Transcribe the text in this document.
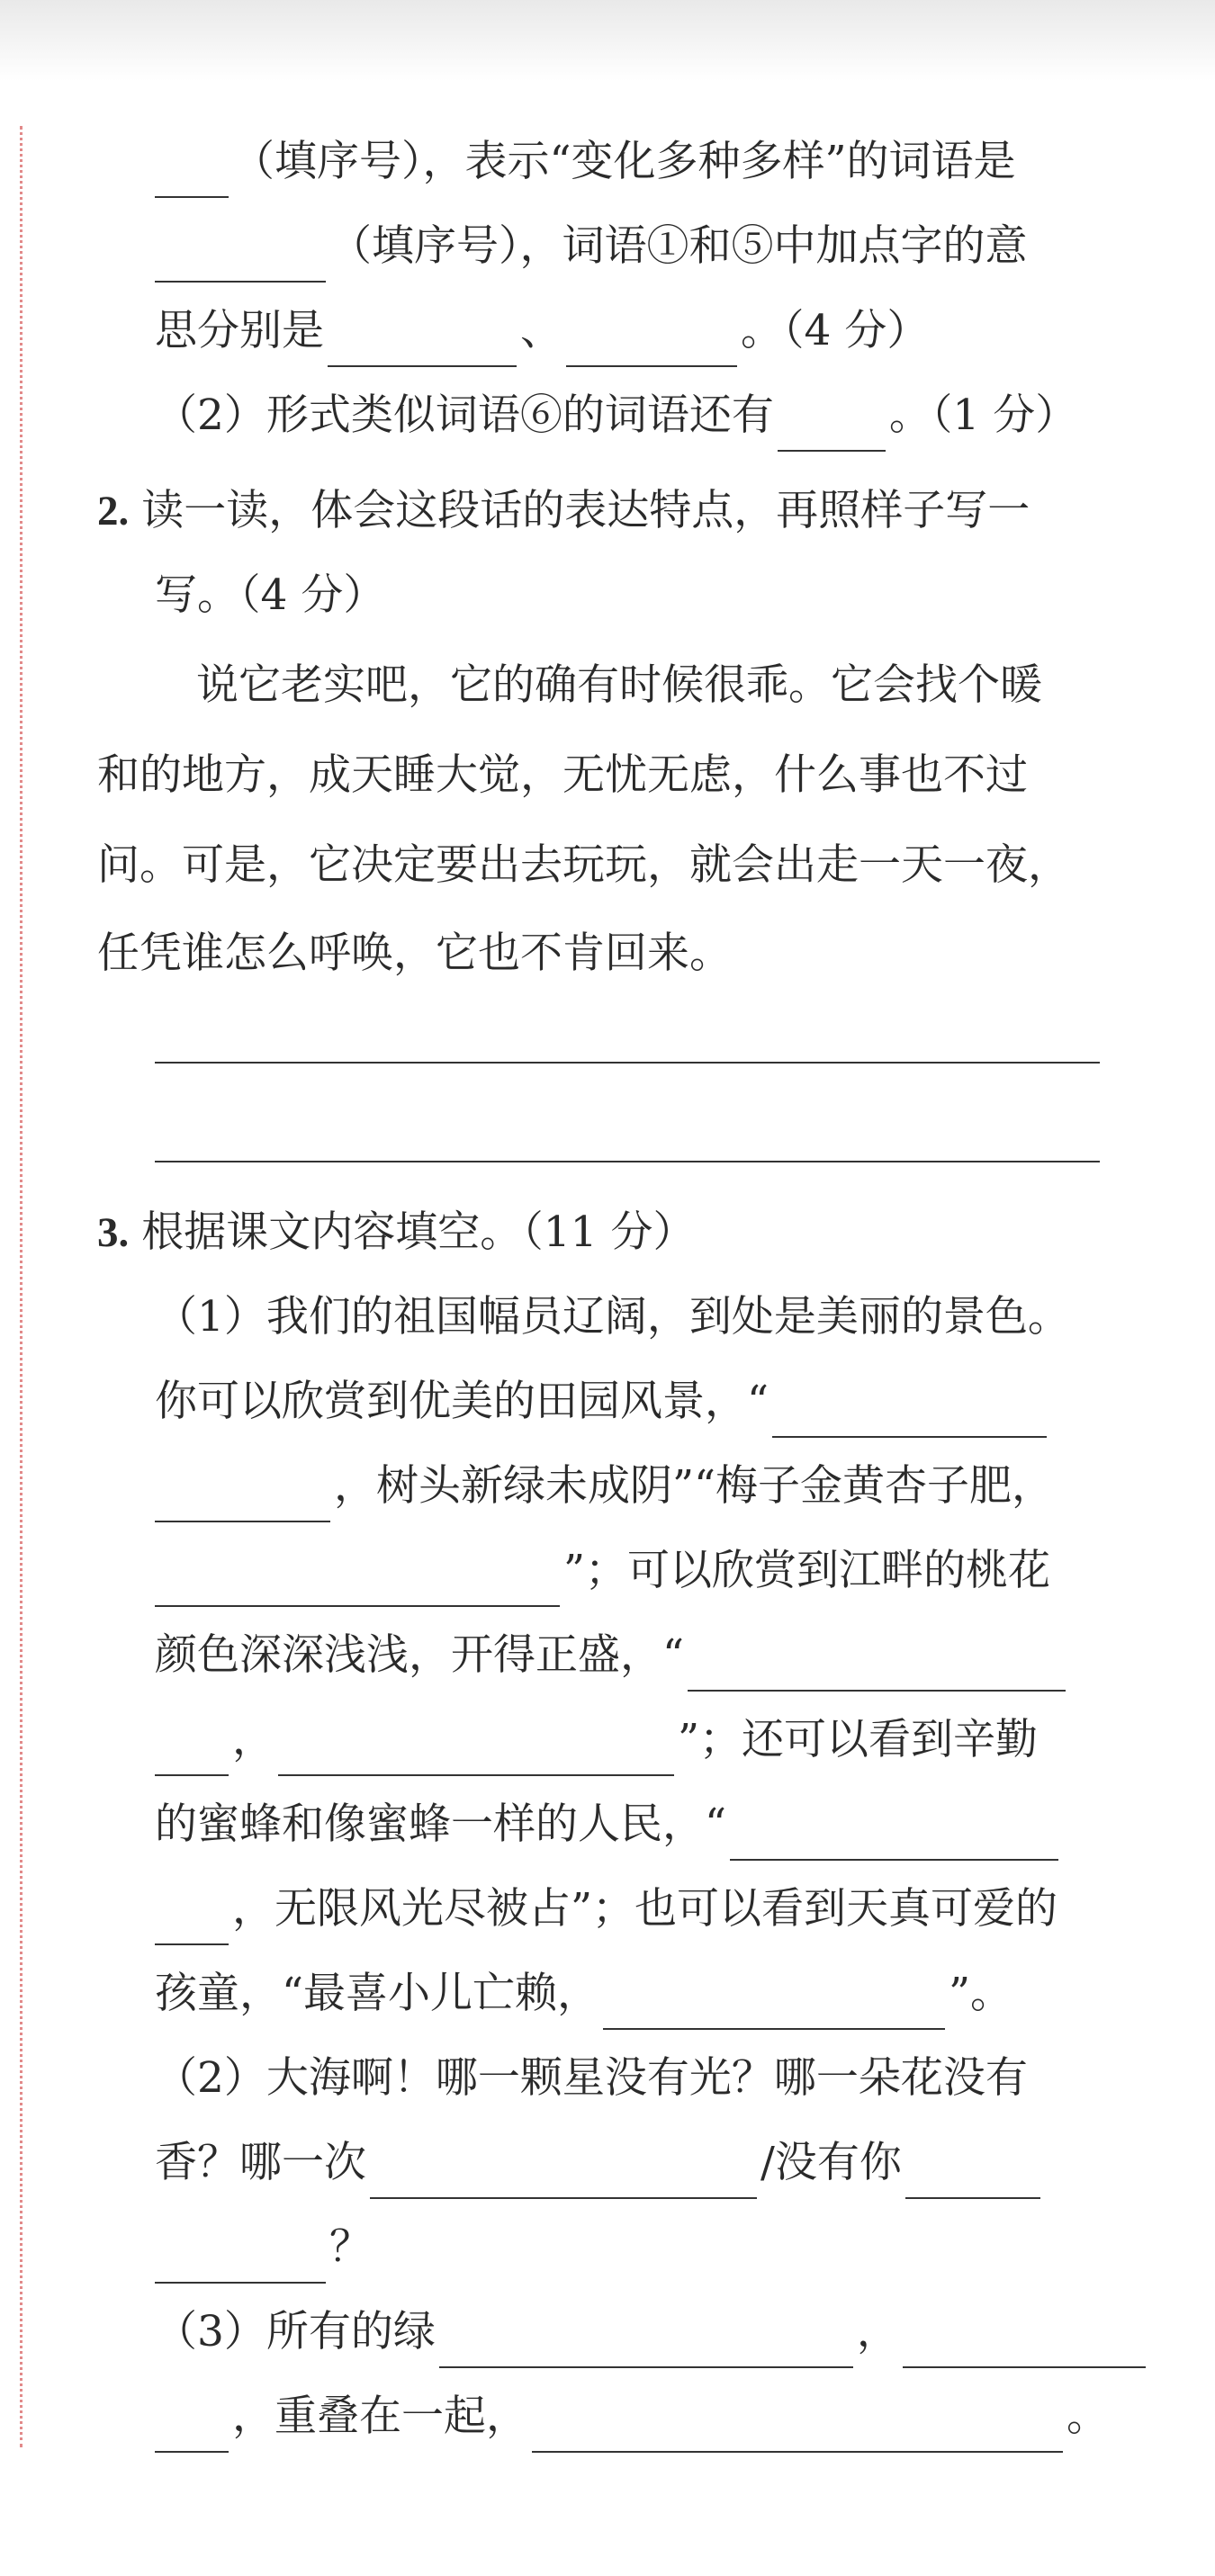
（填序号），表示“变化多种多样”的词语是
（填序号），词语①和⑤中加点字的意
思分别是	、	。（4 分）
（2）形式类似词语⑥的词语还有	。（1 分）
2. 读一读，体会这段话的表达特点，再照样子写一
写。（4 分）
说它老实吧，它的确有时候很乖。它会找个暖
和的地方，成天睡大觉，无忧无虑，什么事也不过
问。可是，它决定要出去玩玩，就会出走一天一夜，
任凭谁怎么呼唤，它也不肯回来。
3. 根据课文内容填空。（11 分）
（1）我们的祖国幅员辽阔，到处是美丽的景色。
你可以欣赏到优美的田园风景，“
，树头新绿未成阴”“梅子金黄杏子肥，
”；可以欣赏到江畔的桃花
颜色深深浅浅，开得正盛，“
，	”；还可以看到辛勤
的蜜蜂和像蜜蜂一样的人民，“
，无限风光尽被占”；也可以看到天真可爱的
孩童，“最喜小儿亡赖，	”。
（2）大海啊！哪一颗星没有光？哪一朵花没有
香？哪一次	/没有你
？
（3）所有的绿	，
，重叠在一起，	。
